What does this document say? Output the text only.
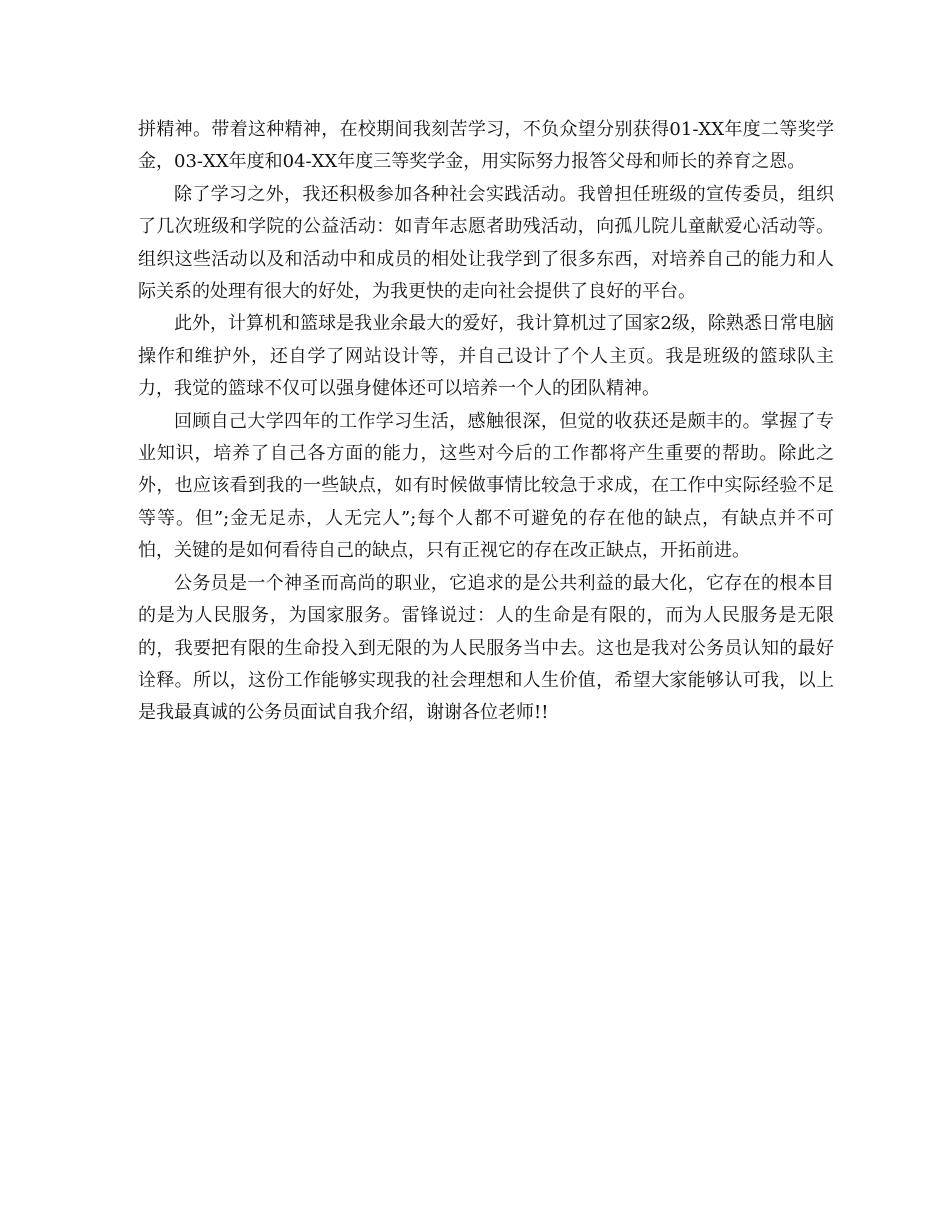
拼精神。带着这种精神，在校期间我刻苦学习，不负众望分别获得01-XX年度二等奖学金，03-XX年度和04-XX年度三等奖学金，用实际努力报答父母和师长的养育之恩。

除了学习之外，我还积极参加各种社会实践活动。我曾担任班级的宣传委员，组织了几次班级和学院的公益活动：如青年志愿者助残活动，向孤儿院儿童献爱心活动等。组织这些活动以及和活动中和成员的相处让我学到了很多东西，对培养自己的能力和人际关系的处理有很大的好处，为我更快的走向社会提供了良好的平台。

此外，计算机和篮球是我业余最大的爱好，我计算机过了国家2级，除熟悉日常电脑操作和维护外，还自学了网站设计等，并自己设计了个人主页。我是班级的篮球队主力，我觉的篮球不仅可以强身健体还可以培养一个人的团队精神。

回顾自己大学四年的工作学习生活，感触很深，但觉的收获还是颇丰的。掌握了专业知识，培养了自己各方面的能力，这些对今后的工作都将产生重要的帮助。除此之外，也应该看到我的一些缺点，如有时候做事情比较急于求成，在工作中实际经验不足等等。但”;金无足赤，人无完人”;每个人都不可避免的存在他的缺点，有缺点并不可怕，关键的是如何看待自己的缺点，只有正视它的存在改正缺点，开拓前进。

公务员是一个神圣而高尚的职业，它追求的是公共利益的最大化，它存在的根本目的是为人民服务，为国家服务。雷锋说过：人的生命是有限的，而为人民服务是无限的，我要把有限的生命投入到无限的为人民服务当中去。这也是我对公务员认知的最好诠释。所以，这份工作能够实现我的社会理想和人生价值，希望大家能够认可我，以上是我最真诚的公务员面试自我介绍，谢谢各位老师!!
